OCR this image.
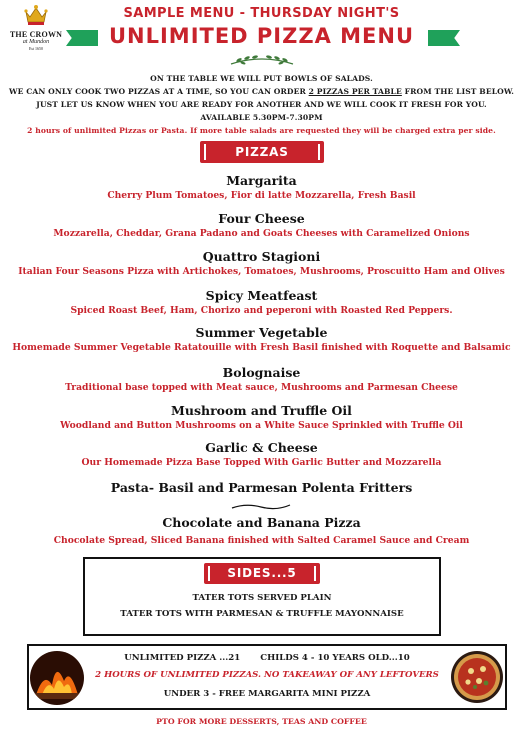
THE CROWN
at Mundon
Est 1650
SAMPLE MENU - THURSDAY NIGHT'S
UNLIMITED PIZZA MENU
ON THE TABLE WE WILL PUT BOWLS OF SALADS.
WE CAN ONLY COOK TWO PIZZAS AT A TIME, SO YOU CAN ORDER 2 PIZZAS PER TABLE FROM THE LIST BELOW.
JUST LET US KNOW WHEN YOU ARE READY FOR ANOTHER AND WE WILL COOK IT FRESH FOR YOU.
AVAILABLE 5.30PM-7.30PM
2 hours of unlimited Pizzas or Pasta. If more table salads are requested they will be charged extra per side.
PIZZAS
Margarita
Cherry Plum Tomatoes, Fior di latte Mozzarella, Fresh Basil
Four Cheese
Mozzarella, Cheddar, Grana Padano and Goats Cheeses with Caramelized Onions
Quattro Stagioni
Italian Four Seasons Pizza with Artichokes, Tomatoes, Mushrooms, Proscuitto Ham and Olives
Spicy Meatfeast
Spiced Roast Beef, Ham, Chorizo and peperoni with Roasted Red Peppers.
Summer Vegetable
Homemade Summer Vegetable Ratatouille with Fresh Basil finished with Roquette and Balsamic
Bolognaise
Traditional base topped with Meat sauce, Mushrooms and Parmesan Cheese
Mushroom and Truffle Oil
Woodland and Button Mushrooms on a White Sauce Sprinkled with Truffle Oil
Garlic & Cheese
Our Homemade Pizza Base Topped With Garlic Butter and Mozzarella
Pasta- Basil and Parmesan Polenta Fritters
Chocolate and Banana Pizza
Chocolate Spread, Sliced Banana finished with Salted Caramel Sauce and Cream
TATER TOTS SERVED PLAIN
TATER TOTS WITH PARMESAN & TRUFFLE MAYONNAISE
SIDES...5
UNLIMITED PIZZA ...21 CHILDS 4 - 10 YEARS OLD...10
2 HOURS OF UNLIMITED PIZZAS. NO TAKEAWAY OF ANY LEFTOVERS
UNDER 3 - FREE MARGARITA MINI PIZZA
PTO FOR MORE DESSERTS, TEAS AND COFFEE
